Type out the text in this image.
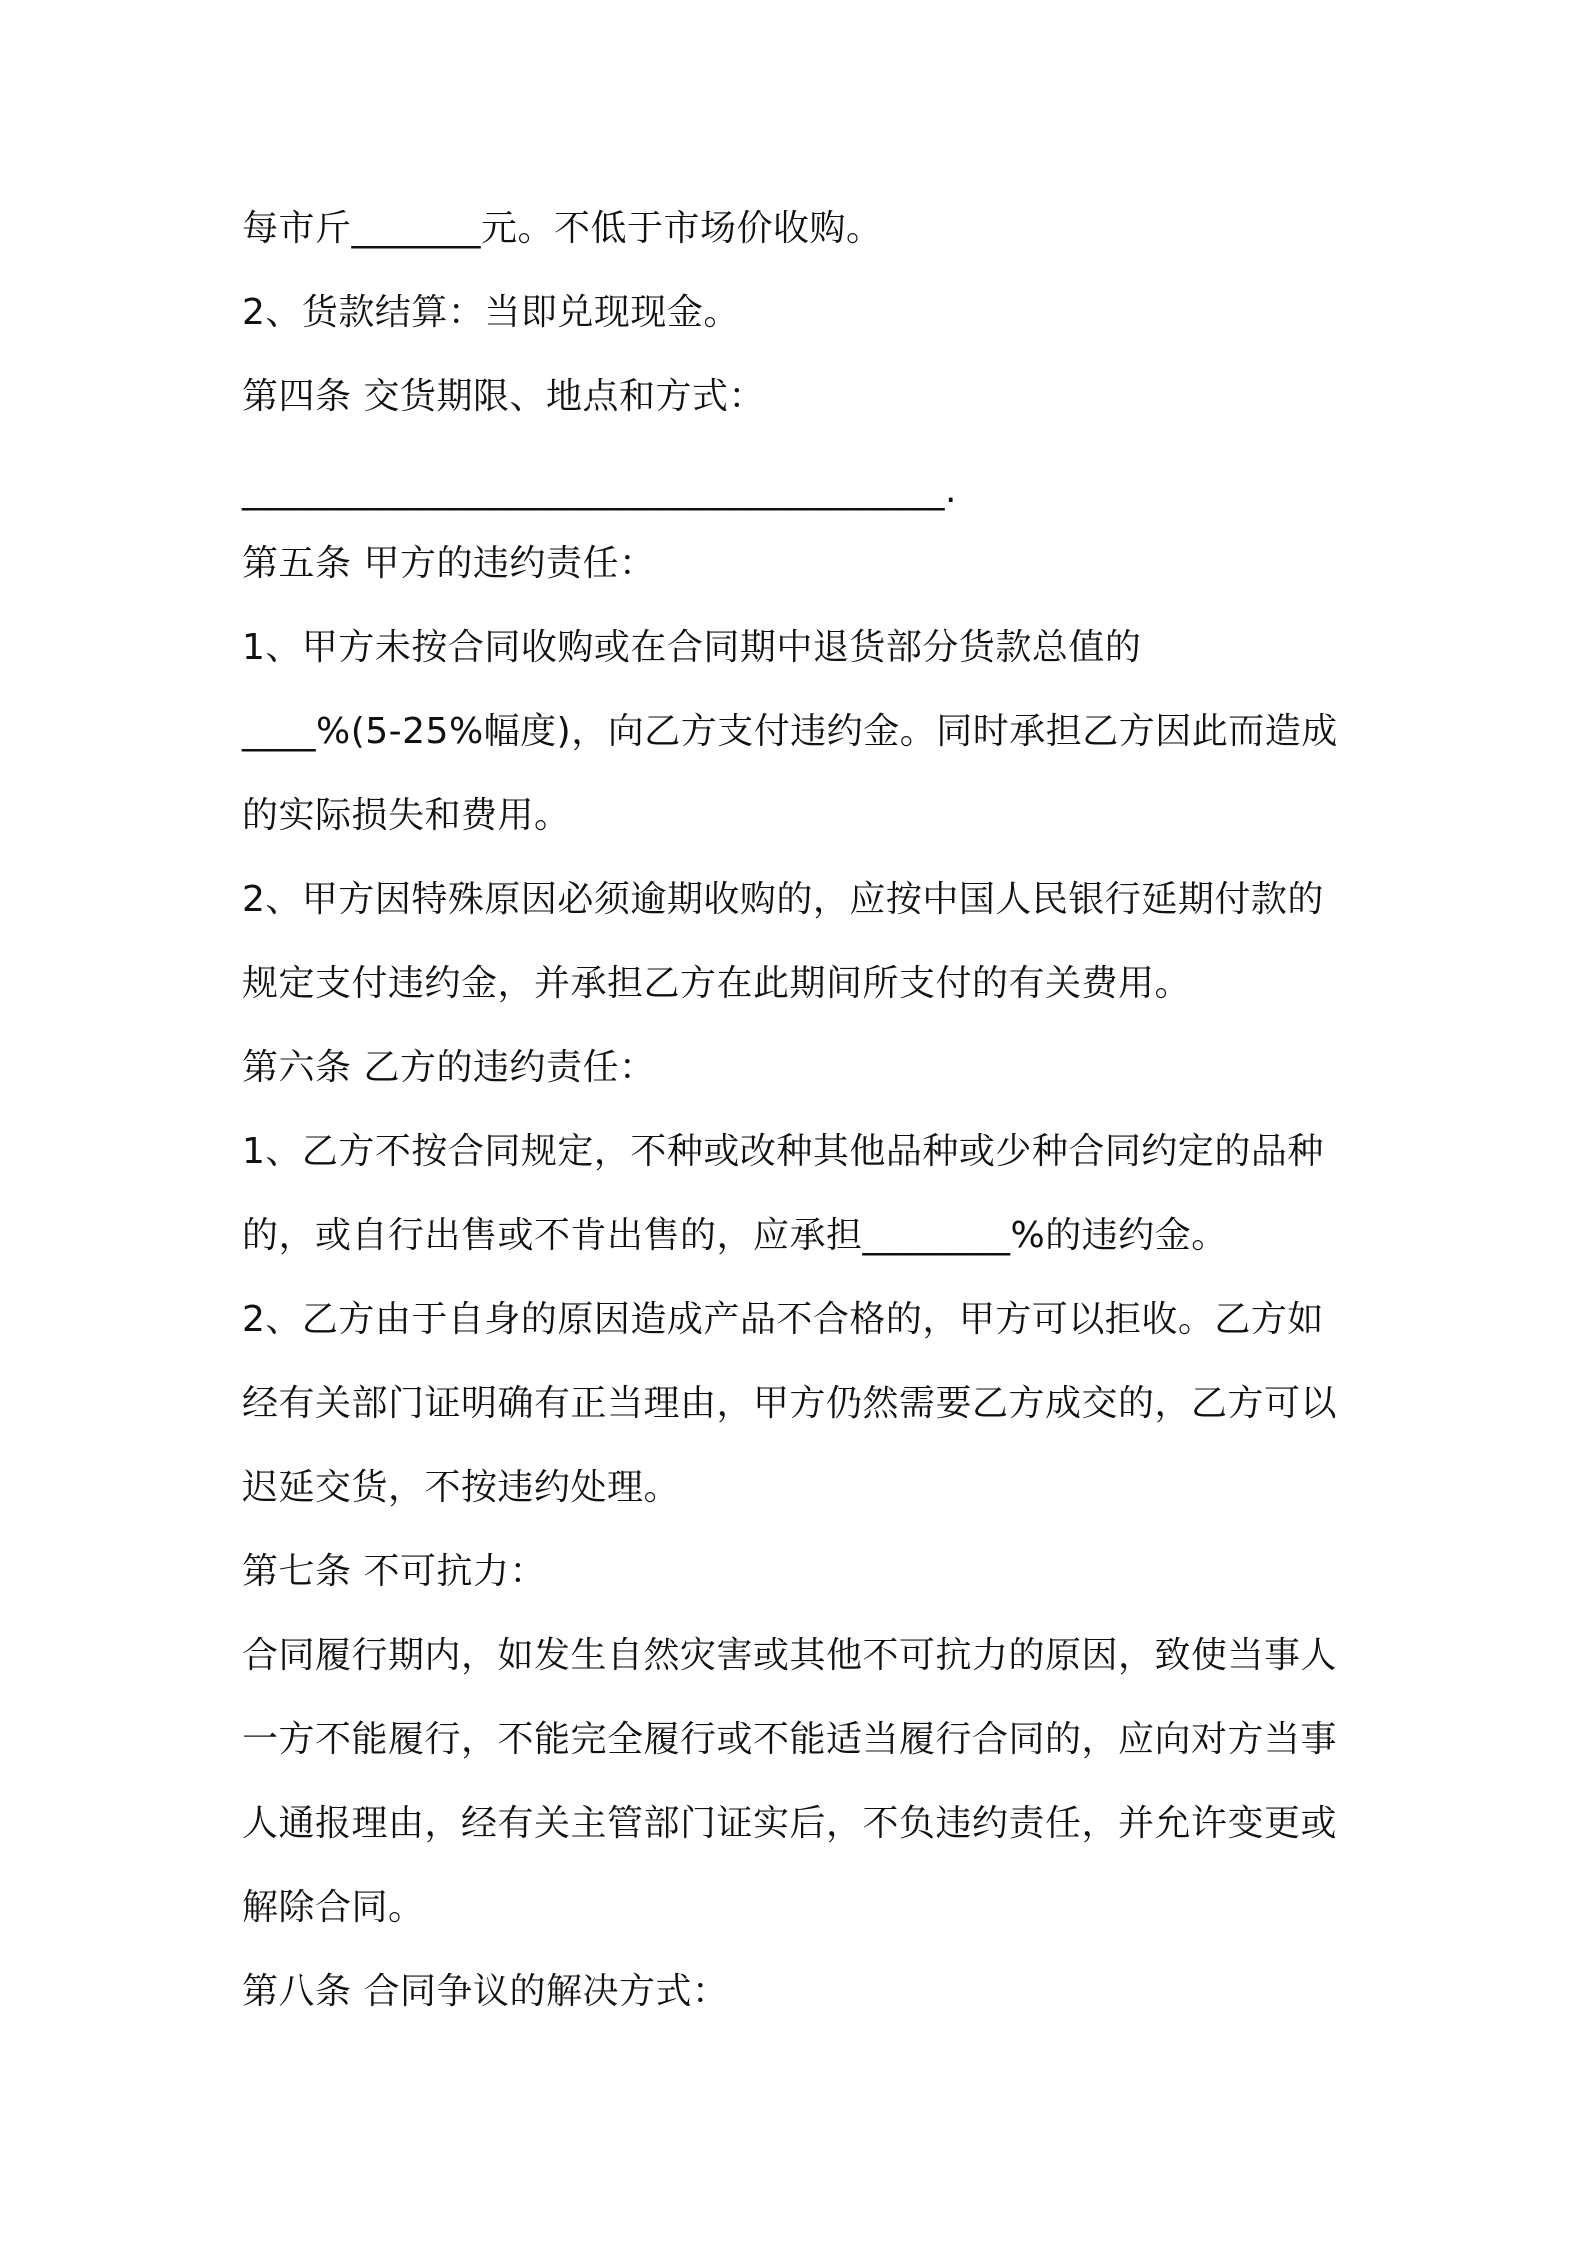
每市斤_______元。不低于市场价收购。
2、货款结算：当即兑现现金。
第四条 交货期限、地点和方式：
______________________________________.
第五条 甲方的违约责任：
1、甲方未按合同收购或在合同期中退货部分货款总值的
____%(5-25%幅度)，向乙方支付违约金。同时承担乙方因此而造成
的实际损失和费用。
2、甲方因特殊原因必须逾期收购的，应按中国人民银行延期付款的
规定支付违约金，并承担乙方在此期间所支付的有关费用。
第六条 乙方的违约责任：
1、乙方不按合同规定，不种或改种其他品种或少种合同约定的品种
的，或自行出售或不肯出售的，应承担________%的违约金。
2、乙方由于自身的原因造成产品不合格的，甲方可以拒收。乙方如
经有关部门证明确有正当理由，甲方仍然需要乙方成交的，乙方可以
迟延交货，不按违约处理。
第七条 不可抗力：
合同履行期内，如发生自然灾害或其他不可抗力的原因，致使当事人
一方不能履行，不能完全履行或不能适当履行合同的，应向对方当事
人通报理由，经有关主管部门证实后，不负违约责任，并允许变更或
解除合同。
第八条 合同争议的解决方式：
